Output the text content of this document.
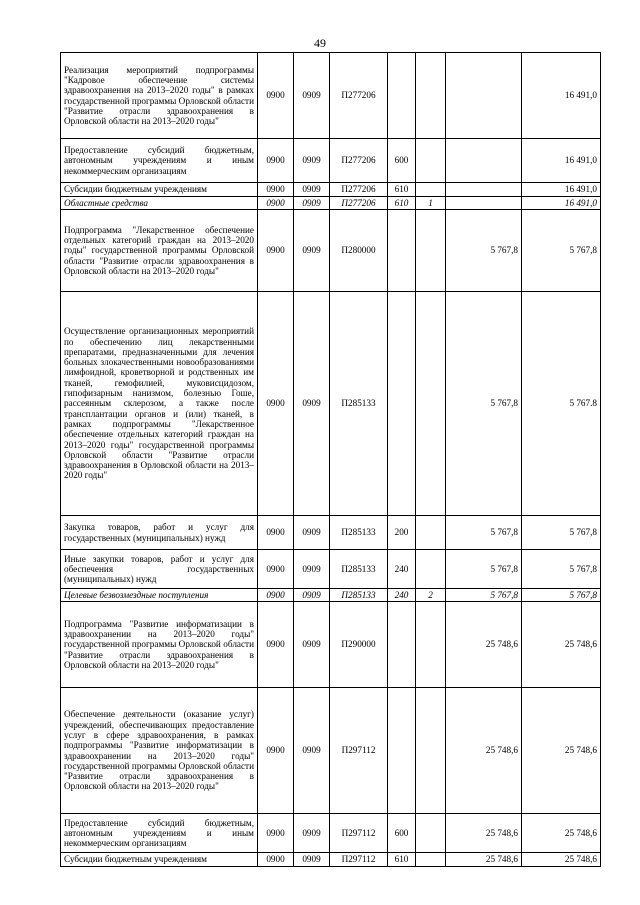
49
Реализация мероприятий подпрограммы "Кадровое обеспечение системы здравоохранения на 2013–2020 годы" в рамках государственной программы Орловской области "Развитие отрасли здравоохранения в Орловской области на 2013–2020 годы"	0900	0909	П277206				16 491,0
Предоставление субсидий бюджетным, автономным учреждениям и иным некоммерческим организациям	0900	0909	П277206	600			16 491,0
Субсидии бюджетным учреждениям	0900	0909	П277206	610			16 491,0
Областные средства	0900	0909	П277206	610	1		16 491,0
Подпрограмма "Лекарственное обеспечение отдельных категорий граждан на 2013–2020 годы" государственной программы Орловской области "Развитие отрасли здравоохранения в Орловской области на 2013–2020 годы"	0900	0909	П280000			5 767,8	5 767,8
Осуществление организационных мероприятий по обеспечению лиц лекарственными препаратами, предназначенными для лечения больных злокачественными новообразованиями лимфоидной, кроветворной и родственных им тканей, гемофилией, муковисцидозом, гипофизарным нанизмом, болезнью Гоше, рассеянным склерозом, а также после трансплантации органов и (или) тканей, в рамках подпрограммы "Лекарственное обеспечение отдельных категорий граждан на 2013–2020 годы" государственной программы Орловской области "Развитие отрасли здравоохранения в Орловской области на 2013–2020 годы"	0900	0909	П285133			5 767,8	5 767.8
Закупка товаров, работ и услуг для государственных (муниципальных) нужд	0900	0909	П285133	200		5 767,8	5 767,8
Иные закупки товаров, работ и услуг для обеспечения государственных (муниципальных) нужд	0900	0909	П285133	240		5 767,8	5 767,8
Целевые безвозмездные поступления	0900	0909	П285133	240	2	5 767,8	5 767,8
Подпрограмма "Развитие информатизации в здравоохранении на 2013–2020 годы" государственной программы Орловской области "Развитие отрасли здравоохранения в Орловской области на 2013–2020 годы"	0900	0909	П290000			25 748,6	25 748,6
Обеспечение деятельности (оказание услуг) учреждений, обеспечивающих предоставление услуг в сфере здравоохранения, в рамках подпрограммы "Развитие информатизации в здравоохранении на 2013–2020 годы" государственной программы Орловской области "Развитие отрасли здравоохранения в Орловской области на 2013–2020 годы"	0900	0909	П297112			25 748,6	25 748,6
Предоставление субсидий бюджетным, автономным учреждениям и иным некоммерческим организациям	0900	0909	П297112	600		25 748,6	25 748,6
Субсидии бюджетным учреждениям	0900	0909	П297112	610		25 748,6	25 748,6
